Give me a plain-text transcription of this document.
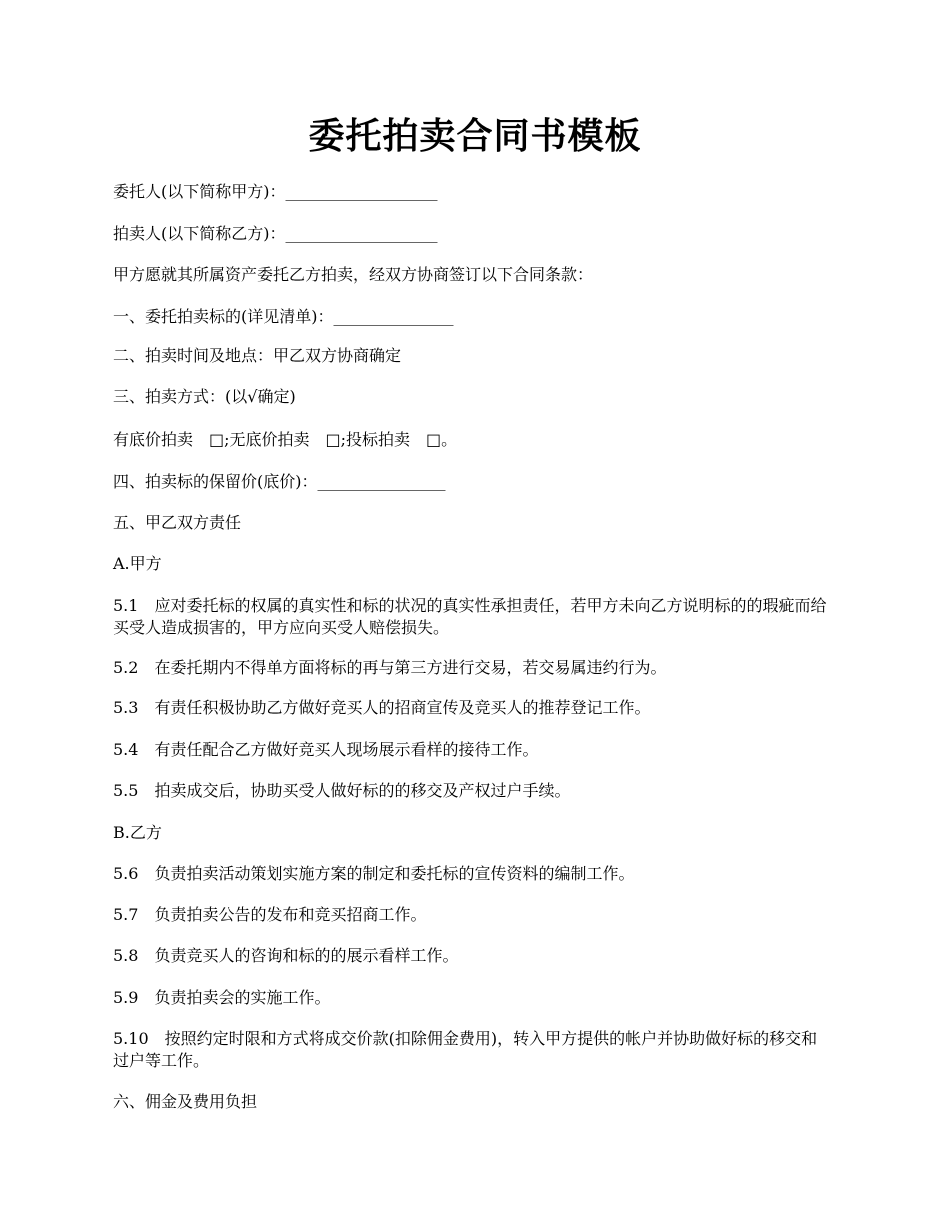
委托拍卖合同书模板
委托人(以下简称甲方)：___________________
拍卖人(以下简称乙方)：___________________
甲方愿就其所属资产委托乙方拍卖，经双方协商签订以下合同条款：
一、委托拍卖标的(详见清单)：_______________
二、拍卖时间及地点：甲乙双方协商确定
三、拍卖方式：(以√确定)
有底价拍卖　□;无底价拍卖　□;投标拍卖　□。
四、拍卖标的保留价(底价)：________________
五、甲乙双方责任
A.甲方
5.1　应对委托标的权属的真实性和标的状况的真实性承担责任，若甲方未向乙方说明标的的瑕疵而给买受人造成损害的，甲方应向买受人赔偿损失。
5.2　在委托期内不得单方面将标的再与第三方进行交易，若交易属违约行为。
5.3　有责任积极协助乙方做好竞买人的招商宣传及竞买人的推荐登记工作。
5.4　有责任配合乙方做好竞买人现场展示看样的接待工作。
5.5　拍卖成交后，协助买受人做好标的的移交及产权过户手续。
B.乙方
5.6　负责拍卖活动策划实施方案的制定和委托标的宣传资料的编制工作。
5.7　负责拍卖公告的发布和竞买招商工作。
5.8　负责竞买人的咨询和标的的展示看样工作。
5.9　负责拍卖会的实施工作。
5.10　按照约定时限和方式将成交价款(扣除佣金费用)，转入甲方提供的帐户并协助做好标的移交和过户等工作。
六、佣金及费用负担
